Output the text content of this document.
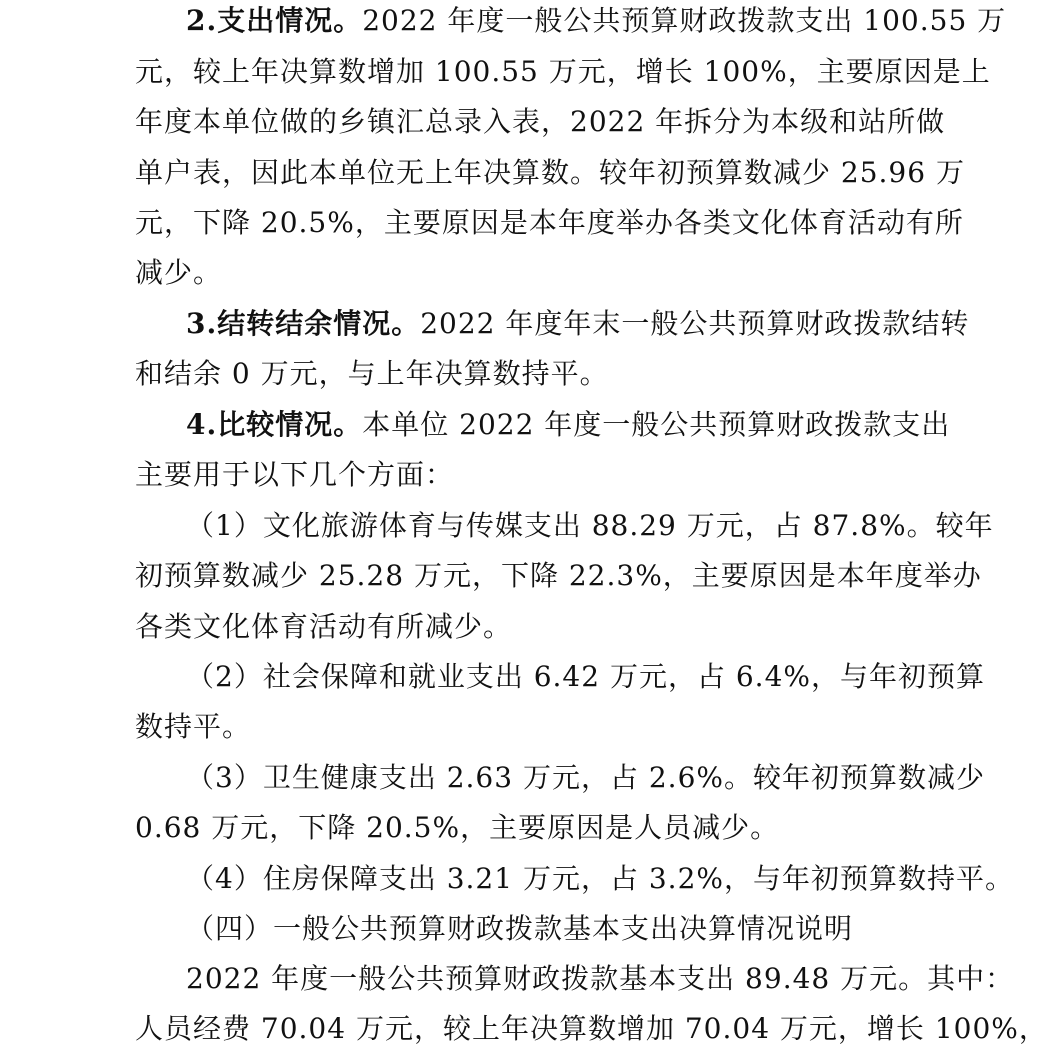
2.支出情况。2022 年度一般公共预算财政拨款支出 100.55 万
元，较上年决算数增加 100.55 万元，增长 100%，主要原因是上
年度本单位做的乡镇汇总录入表，2022 年拆分为本级和站所做
单户表，因此本单位无上年决算数。较年初预算数减少 25.96 万
元，下降 20.5%，主要原因是本年度举办各类文化体育活动有所
减少。
3.结转结余情况。2022 年度年末一般公共预算财政拨款结转
和结余 0 万元，与上年决算数持平。
4.比较情况。本单位 2022 年度一般公共预算财政拨款支出
主要用于以下几个方面：
（1）文化旅游体育与传媒支出 88.29 万元，占 87.8%。较年
初预算数减少 25.28 万元，下降 22.3%，主要原因是本年度举办
各类文化体育活动有所减少。
（2）社会保障和就业支出 6.42 万元，占 6.4%，与年初预算
数持平。
（3）卫生健康支出 2.63 万元，占 2.6%。较年初预算数减少
0.68 万元，下降 20.5%，主要原因是人员减少。
（4）住房保障支出 3.21 万元，占 3.2%，与年初预算数持平。
（四）一般公共预算财政拨款基本支出决算情况说明
2022 年度一般公共预算财政拨款基本支出 89.48 万元。其中：
人员经费 70.04 万元，较上年决算数增加 70.04 万元，增长 100%，
